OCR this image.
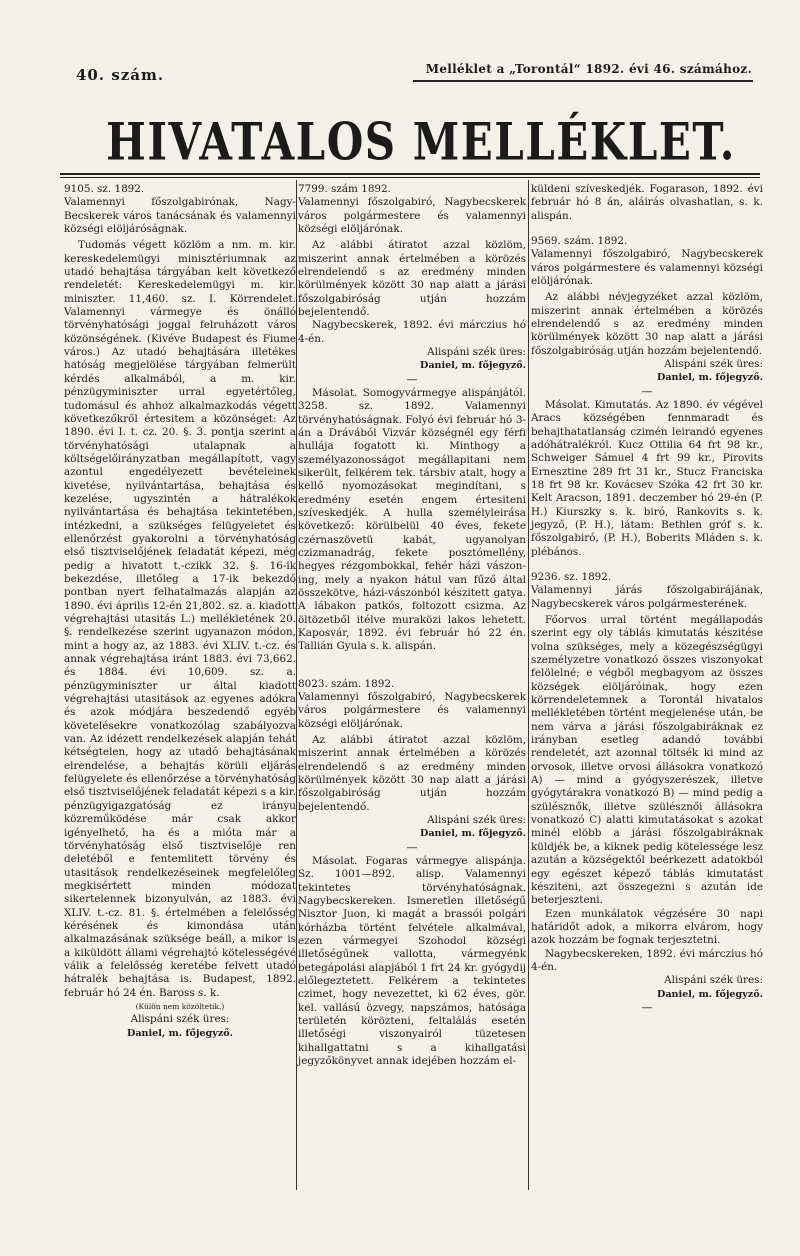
40. szám.	Melléklet a „Torontál“ 1892. évi 46. számához.
HIVATALOS MELLÉKLET.

9105. sz. 1892.

Valamennyi főszolgabirónak, Nagy-Becskerek város tanácsának és valamennyi községi elöljáróságnak.

Tudomás végett közlöm a nm. m. kir. kereskedelemügyi minisztériumnak az utadó behajtása tárgyában kelt következő rendeletét: Kereskedelemügyi m. kir. miniszter. 11,460. sz. I. Körrendelet. Valamennyi vármegye és önálló törvényhatósági joggal felruházott város közönségének. (Kivéve Budapest és Fiume város.) Az utadó behajtására illetékes hatóság megjelölése tárgyában felmerült kérdés alkalmából, a m. kir. pénzügyminiszter urral egyetértőleg, tudomásul és ahhoz alkalmazkodás végett következőkről értesitem a közönséget: Az 1890. évi I. t. cz. 20. §. 3. pontja szerint a törvényhatósági utalapnak a költségelőirányzatban megállapított, vagy azontul engedélyezett bevételeinek kivetése, nyilvántartása, behajtása és kezelése, ugyszintén a hátralékok nyilvántartása és behajtása tekintetében, intézkedni, a szükséges felügyeletet és ellenőrzést gyakorolni a törvényhatóság első tisztviselőjének feladatát képezi, még pedig a hivatott t.-czikk 32. §. 16-ik bekezdése, illetőleg a 17-ik bekezdő pontban nyert felhatalmazás alapján az 1890. évi április 12-én 21,802. sz. a. kiadott végrehajtási utasitás L.) mellékletének 20. §. rendelkezése szerint ugyanazon módon, mint a hogy az, az 1883. évi XLIV. t.-cz. és annak végrehajtása iránt 1883. évi 73,662. és 1884. évi 10,609. sz. a. pénzügyminiszter ur által kiadott végrehajtási utasitások az egyenes adókra és azok módjára beszedendő egyéb követelésekre vonatkozólag szabályozva van. Az idézett rendelkezések alapján tehát kétségtelen, hogy az utadó behajtásának elrendelése, a behajtás körüli eljárás felügyelete és ellenőrzése a törvényhatóság első tisztviselőjének feladatát képezi s a kir. pénzügyigazgatóság ez irányu közreműködése már csak akkor igényelhető, ha és a mióta már a törvényhatóság első tisztviselője ren deletéből e fentemlitett törvény és utasitások rendelkezéseinek megfelelőleg megkisértett minden módozat sikertelennek bizonyulván, az 1883. évi XLIV. t.-cz. 81. §. értelmében a felelősség kérésének és kimondása után alkalmazásának szüksége beáll, a mikor is a kiküldött állami végrehajtó kötelességévé válik a felelősség keretébe felvett utadó hátralék behajtása is. Budapest, 1892. február hó 24 én. Baross s. k.

(Külön nem közöltetik.)

Alispáni szék üres:

Daniel, m. főjegyző.

7799. szám 1892.

Valamennyi főszolgabiró, Nagybecskerek város polgármestere és valamennyi községi elöljárónak.

Az alábbi átiratot azzal közlöm, miszerint annak értelmében a körözés elrendelendő s az eredmény minden körülmények között 30 nap alatt a járási főszolgabiróság utján hozzám bejelentendő.

Nagybecskerek, 1892. évi márczius hó 4-én.

Alispáni szék üres:

Daniel, m. főjegyző.

—

Másolat. Somogyvármegye alispánjától. 3258. sz. 1892. Valamennyi törvényhatóságnak. Folyó évi február hó 3-án a Drávából Vizvár községnél egy férfi hullája fogatott ki. Minthogy a személyazonosságot megállapitani nem sikerült, felkérem tek. társbiv atalt, hogy a kellő nyomozásokat megindítani, s eredmény esetén engem értesiteni szíveskedjék. A hulla személyleirása következő: körülbelül 40 éves, fekete czérnaszövetü kabát, ugyanolyan czizmanadrág, fekete posztómellény, hegyes rézgombokkal, fehér házi vászon-ing, mely a nyakon hátul van fűző által összekötve, házi-vászonból készitett gatya. A lábakon patkós, foltozott csizma. Az öltözetből itélve muraközi lakos lehetett. Kaposvár, 1892. évi február hó 22 én. Tallián Gyula s. k. alispán.

8023. szám. 1892.

Valamennyi főszolgabiró, Nagybecskerek város polgármestere és valamennyi községi elöljárónak.

Az alábbi átiratot azzal közlöm, miszerint annak értelmében a körözés elrendelendő s az eredmény minden körülmények között 30 nap alatt a járási főszolgabiróság utján hozzám bejelentendő.

Alispáni szék üres:

Daniel, m. főjegyző.

—

Másolat. Fogaras vármegye alispánja. Sz. 1001—892. alisp. Valamennyi tekintetes törvényhatóságnak. Nagybecskereken. Ismeretlen illetőségű Nisztor Juon, ki magát a brassói polgári kórházba történt felvétele alkalmával, ezen vármegyei Szohodol községi illetőségűnek vallotta, vármegyénk betegápolási alapjából 1 frt 24 kr. gyógydij előlegeztetett. Felkérem a tekintetes czimet, hogy nevezettet, ki 62 éves, gör. kel. vallású özvegy, napszámos, hatósága területén körözteni, feltalálás esetén illetőségi viszonyairól tüzetesen kihallgattatni s a kihallgatási jegyzőkönyvet annak idejében hozzám el-

küldeni szíveskedjék. Fogarason, 1892. évi február hó 8 án, aláirás olvashatlan, s. k. alispán.

9569. szám. 1892.

Valamennyi főszolgabiró, Nagybecskerek város polgármestere és valamennyi községi elöljárónak.

Az alábbi névjegyzéket azzal közlöm, miszerint annak értelmében a körözés elrendelendő s az eredmény minden körülmények között 30 nap alatt a járási főszolgabiróság utján hozzám bejelentendő.

Alispáni szék üres:

Daniel, m. főjegyző.

—

Másolat. Kimutatás. Az 1890. év végével Aracs községében fennmaradt és behajthatatlanság czimén leirandó egyenes adóhátralékról. Kucz Ottilia 64 frt 98 kr., Schweiger Sámuel 4 frt 99 kr., Pirovits Ernesztine 289 frt 31 kr., Stucz Franciska 18 frt 98 kr. Kovácsev Szóka 42 frt 30 kr. Kelt Aracson, 1891. deczember hó 29-én (P. H.) Kiurszky s. k. biró, Rankovits s. k. jegyző, (P. H.), látam: Bethlen gróf s. k. főszolgabiró, (P. H.), Boberits Mláden s. k. plébános.

9236. sz. 1892.

Valamennyi járás főszolgabirájának, Nagybecskerek város polgármesterének.

Főorvos urral történt megállapodás szerint egy oly táblás kimutatás készitése volna szükséges, mely a közegészségügyi személyzetre vonatkozó összes viszonyokat felölelné; e végből megbagyom az összes községek elöljáróinak, hogy ezen körrendeletemnek a Torontál hivatalos mellékletében történt megjelenése után, be nem várva a járási főszolgabiráknak ez irányban esetleg adandó további rendeletét, azt azonnal töltsék ki mind az orvosok, illetve orvosi állásokra vonatkozó A) — mind a gyógyszerészek, illetve gyógytárakra vonatkozó B) — mind pedig a szülésznők, illetve szülésznői állásokra vonatkozó C) alatti kimutatásokat s azokat minél elöbb a járási főszolgabiráknak küldjék be, a kiknek pedig kötelessége lesz azután a községektől beérkezett adatokból egy egészet képező táblás kimutatást késziteni, azt összegezni s azután ide beterjeszteni.

Ezen munkálatok végzésére 30 napi határidőt adok, a mikorra elvárom, hogy azok hozzám be fognak terjesztetni.

Nagybecskereken, 1892. évi márczius hó 4-én.

Alispáni szék üres:

Daniel, m. főjegyző.

—
